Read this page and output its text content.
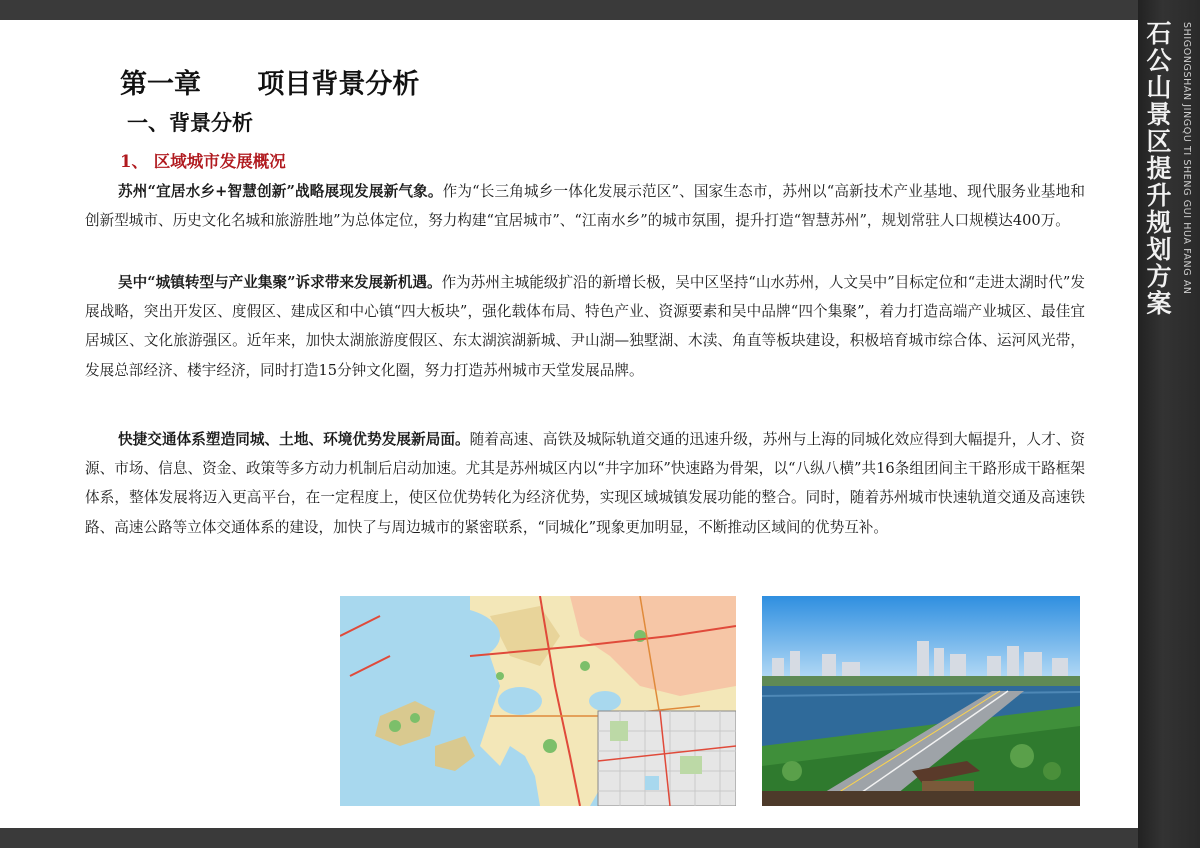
石公山景区提升规划方案 SHIGONGSHAN JINGQU TI SHENG GUI HUA FANG AN
第一章      项目背景分析
一、背景分析
1、 区域城市发展概况

苏州“宜居水乡+智慧创新”战略展现发展新气象。作为“长三角城乡一体化发展示范区”、国家生态市，苏州以“高新技术产业基地、现代服务业基地和创新型城市、历史文化名城和旅游胜地”为总体定位，努力构建“宜居城市”、“江南水乡”的城市氛围，提升打造“智慧苏州”，规划常驻人口规模达400万。

吴中“城镇转型与产业集聚”诉求带来发展新机遇。作为苏州主城能级扩沿的新增长极，吴中区坚持“山水苏州，人文吴中”目标定位和“走进太湖时代”发展战略，突出开发区、度假区、建成区和中心镇“四大板块”，强化载体布局、特色产业、资源要素和吴中品牌“四个集聚”，着力打造高端产业城区、最佳宜居城区、文化旅游强区。近年来，加快太湖旅游度假区、东太湖滨湖新城、尹山湖—独墅湖、木渎、角直等板块建设，积极培育城市综合体、运河风光带，发展总部经济、楼宇经济，同时打造15分钟文化圈，努力打造苏州城市天堂发展品牌。

快捷交通体系塑造同城、土地、环境优势发展新局面。随着高速、高铁及城际轨道交通的迅速升级，苏州与上海的同城化效应得到大幅提升，人才、资源、市场、信息、资金、政策等多方动力机制后启动加速。尤其是苏州城区内以“井字加环”快速路为骨架，以“八纵八横”共16条组团间主干路形成干路框架体系，整体发展将迈入更高平台，在一定程度上，使区位优势转化为经济优势，实现区域城镇发展功能的整合。同时，随着苏州城市快速轨道交通及高速铁路、高速公路等立体交通体系的建设，加快了与周边城市的紧密联系，“同城化”现象更加明显，不断推动区域间的优势互补。
